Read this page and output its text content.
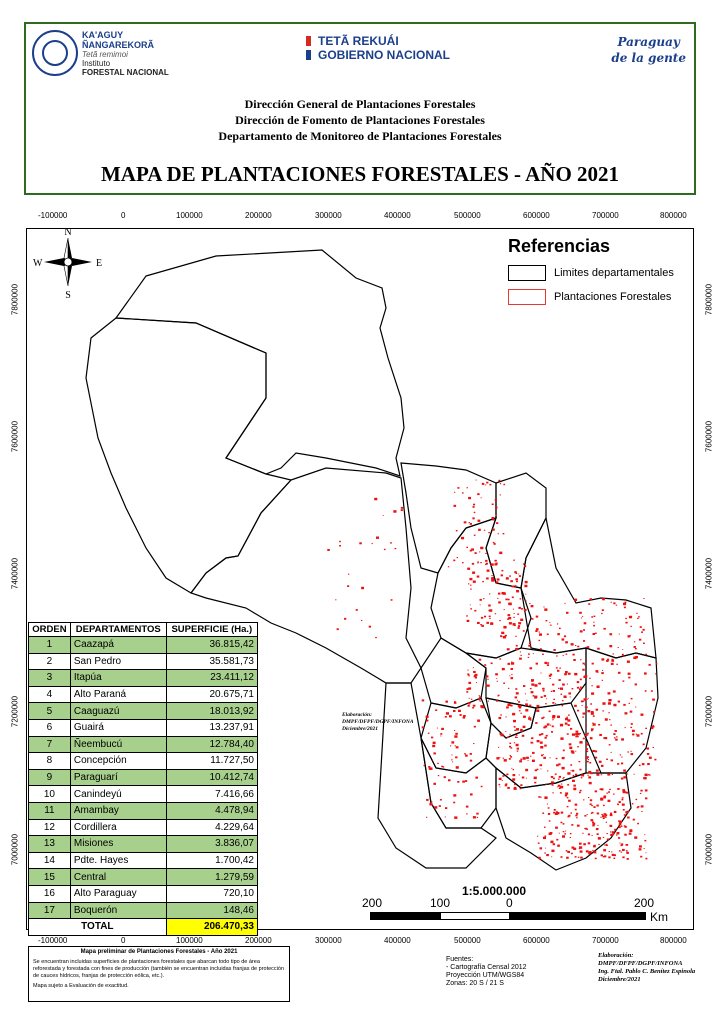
KA'AGUY
ÑANGAREKORÃ
Tetã remimoi
Instituto
FORESTAL NACIONAL
TETÃ REKUÁI
GOBIERNO NACIONAL
Paraguay
de la gente
Dirección General de Plantaciones Forestales
Dirección de Fomento de Plantaciones Forestales
Departamento de Monitoreo de Plantaciones Forestales
MAPA DE PLANTACIONES FORESTALES - AÑO 2021
-100000	0	100000	200000	300000	400000	500000	600000	700000	800000
-100000	0	100000	200000	300000	400000	500000	600000	700000	800000
7800000
7600000
7400000
7200000
7000000
7800000
7600000
7400000
7200000
7000000
N
S
E
W
Referencias
Limites departamentales
Plantaciones Forestales
Elaboración:
DMPF/DFPF/DGPF/INFONA
Diciembre/2021
ORDEN	DEPARTAMENTOS	SUPERFICIE (Ha.)
1	Caazapá	36.815,42
2	San Pedro	35.581,73
3	Itapúa	23.411,12
4	Alto Paraná	20.675,71
5	Caaguazú	18.013,92
6	Guairá	13.237,91
7	Ñeembucú	12.784,40
8	Concepción	11.727,50
9	Paraguarí	10.412,74
10	Canindeyú	7.416,66
11	Amambay	4.478,94
12	Cordillera	4.229,64
13	Misiones	3.836,07
14	Pdte. Hayes	1.700,42
15	Central	1.279,59
16	Alto Paraguay	720,10
17	Boquerón	148,46
TOTAL		206.470,33
1:5.000.000
200	100	0	200
Km
Mapa preliminar de Plantaciones Forestales - Año 2021
Se encuentran incluidas superficies de plantaciones forestales que abarcan todo tipo de área reforestada y forestada con fines de producción (también se encuentran incluidas franjas de protección de cauces hídricos, franjas de protección eólica, etc.).
Mapa sujeto a Evaluación de exactitud.
Fuentes:
- Cartografía Censal 2012
Proyección UTM/WGS84
Zonas: 20 S / 21 S
Elaboración:
DMPF/DFPF/DGPF/INFONA
Ing. Ftal. Pablo C. Benítez Espinola
Diciembre/2021
